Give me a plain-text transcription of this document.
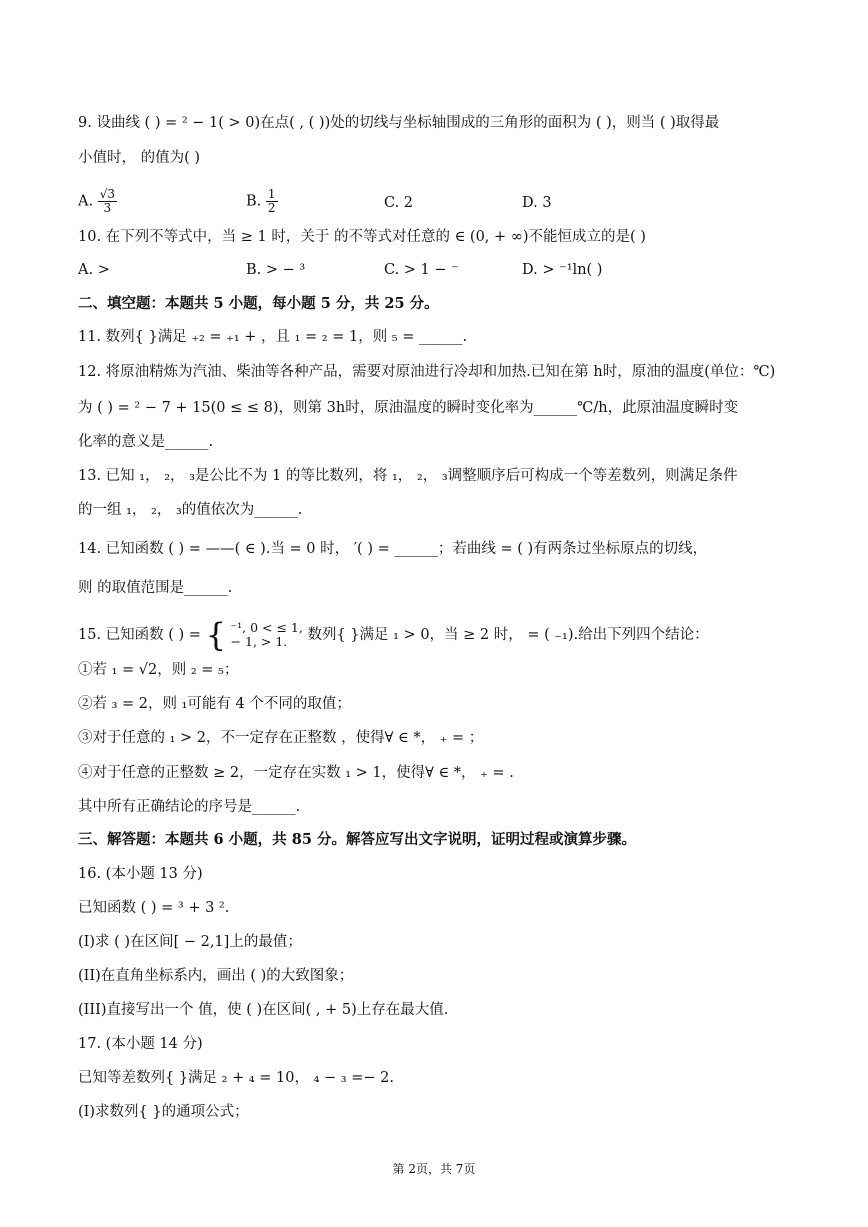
9. 设曲线 ( ) = ² − 1( > 0)在点( , ( ))处的切线与坐标轴围成的三角形的面积为 ( )，则当 ( )取得最
小值时， 的值为( )
A. $\frac{√3}{3}$	B. $\frac{1}{2}$	C. 2	D. 3
10. 在下列不等式中，当 ≥ 1 时，关于 的不等式对任意的 ∈ (0, + ∞)不能恒成立的是( )
A. >	B. > − ³	C. > 1 − ⁻	D. > ⁻¹ln( )
二、填空题：本题共 5 小题，每小题 5 分，共 25 分。
11. 数列{ }满足 ₊₂ = ₊₁ + ，且 ₁ = ₂ = 1，则 ₅ = ______.
12. 将原油精炼为汽油、柴油等各种产品，需要对原油进行冷却和加热.已知在第 h时，原油的温度(单位：℃)
为 ( ) = ² − 7 + 15(0 ≤ ≤ 8)，则第 3h时，原油温度的瞬时变化率为______℃/h，此原油温度瞬时变
化率的意义是______.
13. 已知 ₁， ₂， ₃是公比不为 1 的等比数列，将 ₁， ₂， ₃调整顺序后可构成一个等差数列，则满足条件
的一组 ₁， ₂， ₃的值依次为______.
14. 已知函数 ( ) = ——( ∈ ).当 = 0 时， ′( ) = ______；若曲线 = ( )有两条过坐标原点的切线，
则 的取值范围是______.
15. 已知函数 ( ) = { ⁻¹, 0 < ≤ 1,
− 1, > 1.	数列{ }满足 ₁ > 0，当 ≥ 2 时， = ( ₋₁).给出下列四个结论：
①若 ₁ = √2，则 ₂ = ₅；
②若 ₃ = 2，则 ₁可能有 4 个不同的取值；
③对于任意的 ₁ > 2，不一定存在正整数 ，使得∀ ∈ *， ₊ = ；
④对于任意的正整数 ≥ 2，一定存在实数 ₁ > 1，使得∀ ∈ *， ₊ = .
其中所有正确结论的序号是______.
三、解答题：本题共 6 小题，共 85 分。解答应写出文字说明，证明过程或演算步骤。
16. (本小题 13 分)
已知函数 ( ) = ³ + 3 ².
(I)求 ( )在区间[ − 2,1]上的最值；
(II)在直角坐标系内，画出 ( )的大致图象；
(III)直接写出一个 值，使 ( )在区间( , + 5)上存在最大值.
17. (本小题 14 分)
已知等差数列{ }满足 ₂ + ₄ = 10， ₄ − ₃ =− 2.
(I)求数列{ }的通项公式；
第 2页，共 7页
